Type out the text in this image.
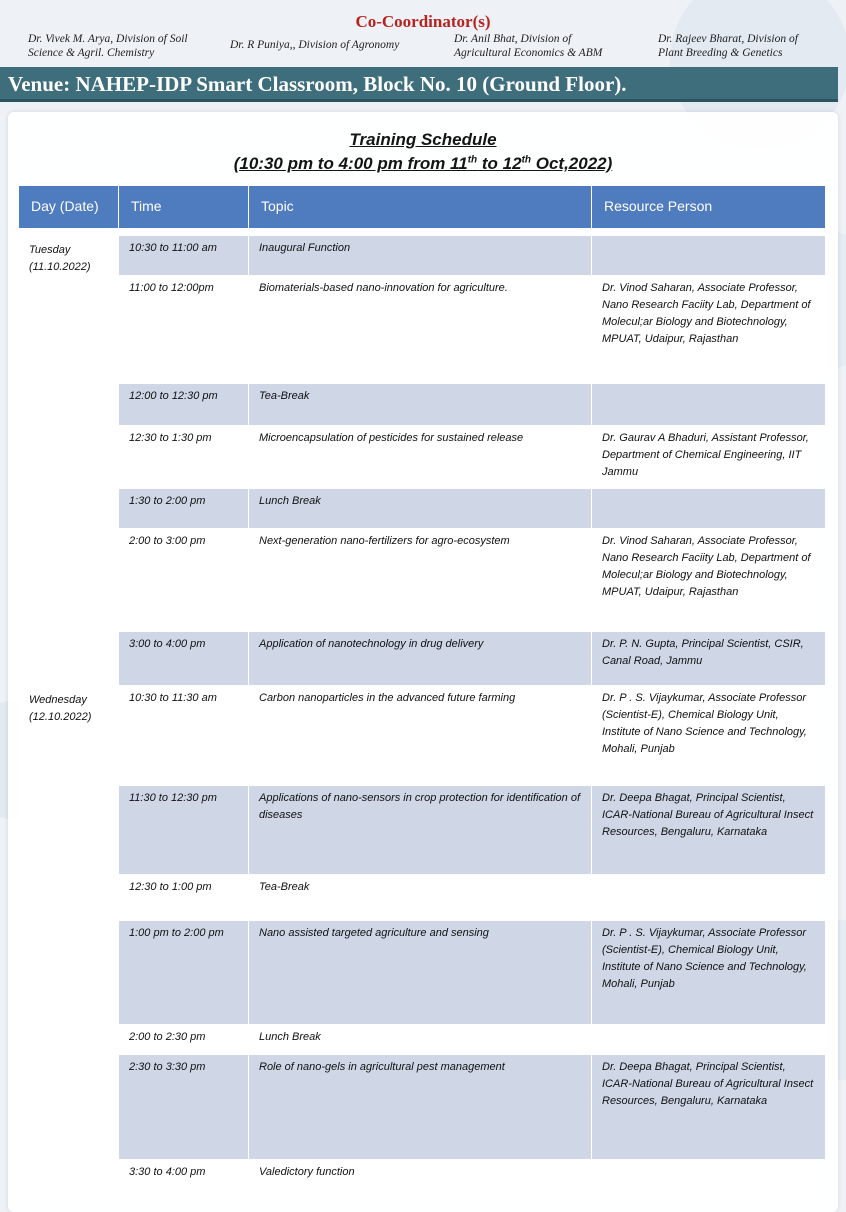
Co-Coordinator(s)
Dr. Vivek M. Arya, Division of Soil
Science & Agril. Chemistry
Dr. R Puniya,, Division of Agronomy	Dr. Anil Bhat, Division of
Agricultural Economics & ABM
Dr. Rajeev Bharat, Division of
Plant Breeding & Genetics
Venue: NAHEP-IDP Smart Classroom, Block No. 10 (Ground Floor).
Training Schedule
(10:30 pm to 4:00 pm from 11th to 12th Oct,2022)
Day (Date)	Time	Topic	Resource Person

Tuesday
(11.10.2022)	10:30 to 11:00 am	Inaugural Function	
	11:00 to 12:00pm	Biomaterials-based nano-innovation for agriculture.	Dr. Vinod Saharan, Associate Professor, Nano Research Faciity Lab, Department of Molecul;ar Biology and Biotechnology, MPUAT, Udaipur, Rajasthan
	12:00 to 12:30 pm	Tea-Break	
	12:30 to 1:30 pm	Microencapsulation of pesticides for sustained release	Dr. Gaurav A Bhaduri, Assistant Professor, Department of Chemical Engineering, IIT Jammu
	1:30 to 2:00 pm	Lunch Break	
	2:00 to 3:00 pm	Next-generation nano-fertilizers for agro-ecosystem	Dr. Vinod Saharan, Associate Professor, Nano Research Faciity Lab, Department of Molecul;ar Biology and Biotechnology, MPUAT, Udaipur, Rajasthan
	3:00 to 4:00 pm	Application of nanotechnology in drug delivery	Dr. P. N. Gupta, Principal Scientist, CSIR, Canal Road, Jammu

Wednesday
(12.10.2022)	10:30 to 11:30 am	Carbon nanoparticles in the advanced future farming	Dr. P . S. Vijaykumar, Associate Professor (Scientist-E), Chemical Biology Unit, Institute of Nano Science and Technology, Mohali, Punjab
	11:30 to 12:30 pm	Applications of nano-sensors in crop protection for identification of diseases	Dr. Deepa Bhagat, Principal Scientist, ICAR-National Bureau of Agricultural Insect Resources, Bengaluru, Karnataka
	12:30 to 1:00 pm	Tea-Break	
	1:00 pm to 2:00 pm	Nano assisted targeted agriculture and sensing	Dr. P . S. Vijaykumar, Associate Professor (Scientist-E), Chemical Biology Unit, Institute of Nano Science and Technology, Mohali, Punjab
	2:00 to 2:30 pm	Lunch Break	
	2:30 to 3:30 pm	Role of nano-gels in agricultural pest management	Dr. Deepa Bhagat, Principal Scientist, ICAR-National Bureau of Agricultural Insect Resources, Bengaluru, Karnataka
	3:30 to 4:00 pm	Valedictory function	
